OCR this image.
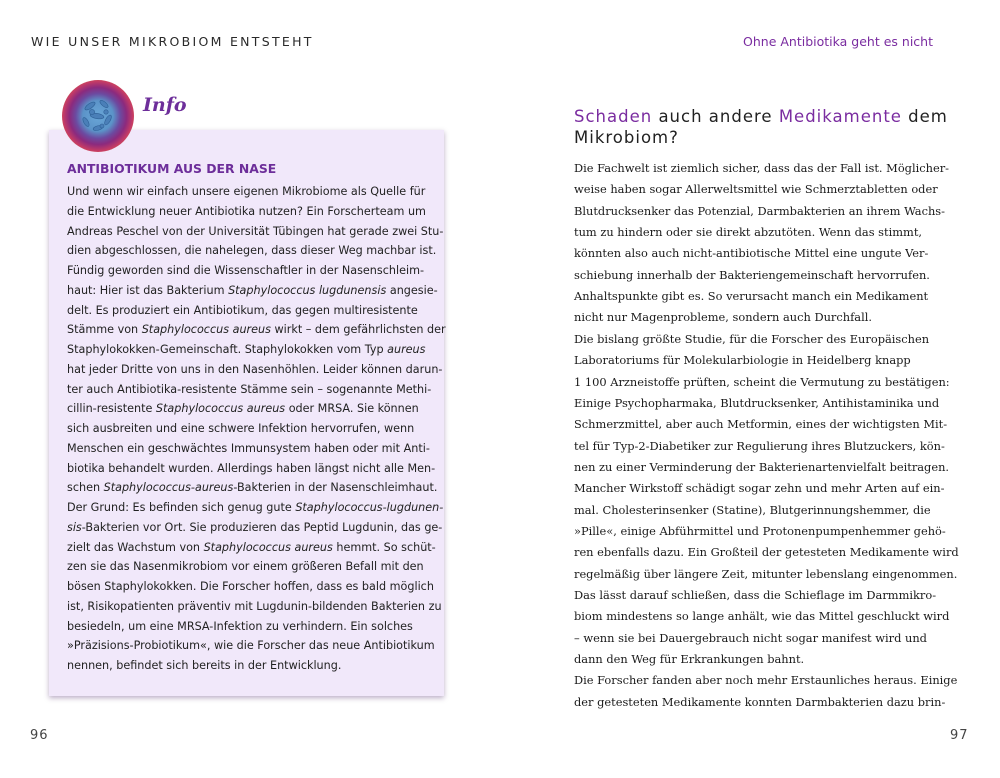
WIE UNSER MIKROBIOM ENTSTEHT	Ohne Antibiotika geht es nicht
Info
ANTIBIOTIKUM AUS DER NASE
Und wenn wir einfach unsere eigenen Mikrobiome als Quelle für
die Entwicklung neuer Antibiotika nutzen? Ein Forscherteam um
Andreas Peschel von der Universität Tübingen hat gerade zwei Stu-
dien abgeschlossen, die nahelegen, dass dieser Weg machbar ist.
Fündig geworden sind die Wissenschaftler in der Nasenschleim-
haut: Hier ist das Bakterium Staphylococcus lugdunensis angesie-
delt. Es produziert ein Antibiotikum, das gegen multiresistente
Stämme von Staphylococcus aureus wirkt – dem gefährlichsten der
Staphylokokken-Gemeinschaft. Staphylokokken vom Typ aureus
hat jeder Dritte von uns in den Nasenhöhlen. Leider können darun-
ter auch Antibiotika-resistente Stämme sein – sogenannte Methi-
cillin-resistente Staphylococcus aureus oder MRSA. Sie können
sich ausbreiten und eine schwere Infektion hervorrufen, wenn
Menschen ein geschwächtes Immunsystem haben oder mit Anti-
biotika behandelt wurden. Allerdings haben längst nicht alle Men-
schen Staphylococcus-aureus-Bakterien in der Nasenschleimhaut.
Der Grund: Es befinden sich genug gute Staphylococcus-lugdunen-
sis-Bakterien vor Ort. Sie produzieren das Peptid Lugdunin, das ge-
zielt das Wachstum von Staphylococcus aureus hemmt. So schüt-
zen sie das Nasenmikrobiom vor einem größeren Befall mit den
bösen Staphylokokken. Die Forscher hoffen, dass es bald möglich
ist, Risikopatienten präventiv mit Lugdunin-bildenden Bakterien zu
besiedeln, um eine MRSA-Infektion zu verhindern. Ein solches
»Präzisions-Probiotikum«, wie die Forscher das neue Antibiotikum
nennen, befindet sich bereits in der Entwicklung.
Schaden auch andere Medikamente dem Mikrobiom?
Die Fachwelt ist ziemlich sicher, dass das der Fall ist. Möglicher-
weise haben sogar Allerweltsmittel wie Schmerztabletten oder
Blutdrucksenker das Potenzial, Darmbakterien an ihrem Wachs-
tum zu hindern oder sie direkt abzutöten. Wenn das stimmt,
könnten also auch nicht-antibiotische Mittel eine ungute Ver-
schiebung innerhalb der Bakteriengemeinschaft hervorrufen.
Anhaltspunkte gibt es. So verursacht manch ein Medikament
nicht nur Magenprobleme, sondern auch Durchfall.
Die bislang größte Studie, für die Forscher des Europäischen
Laboratoriums für Molekularbiologie in Heidelberg knapp
1 100 Arzneistoffe prüften, scheint die Vermutung zu bestätigen:
Einige Psychopharmaka, Blutdrucksenker, Antihistaminika und
Schmerzmittel, aber auch Metformin, eines der wichtigsten Mit-
tel für Typ-2-Diabetiker zur Regulierung ihres Blutzuckers, kön-
nen zu einer Verminderung der Bakterienartenvielfalt beitragen.
Mancher Wirkstoff schädigt sogar zehn und mehr Arten auf ein-
mal. Cholesterinsenker (Statine), Blutgerinnungshemmer, die
»Pille«, einige Abführmittel und Protonenpumpenhemmer gehö-
ren ebenfalls dazu. Ein Großteil der getesteten Medikamente wird
regelmäßig über längere Zeit, mitunter lebenslang eingenommen.
Das lässt darauf schließen, dass die Schieflage im Darmmikro-
biom mindestens so lange anhält, wie das Mittel geschluckt wird
– wenn sie bei Dauergebrauch nicht sogar manifest wird und
dann den Weg für Erkrankungen bahnt.
Die Forscher fanden aber noch mehr Erstaunliches heraus. Einige
der getesteten Medikamente konnten Darmbakterien dazu brin-
96	97
